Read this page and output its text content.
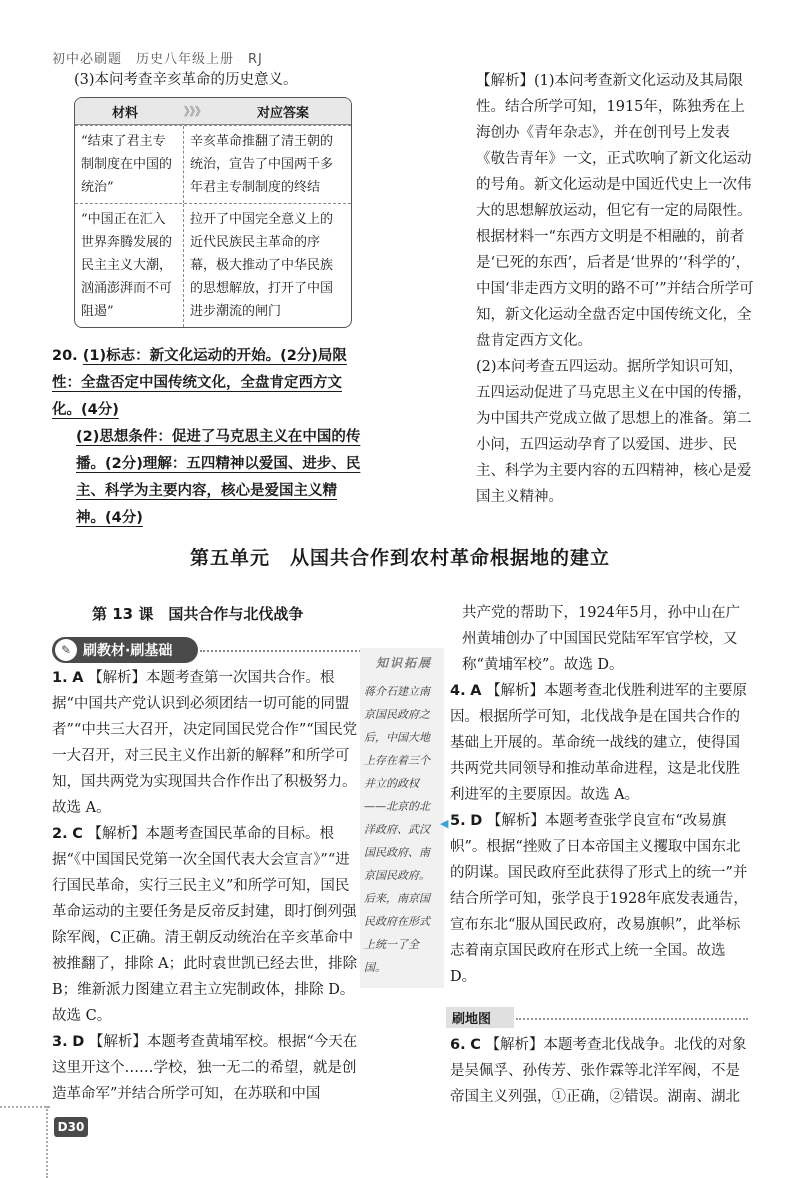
初中必刷题　历史八年级上册　RJ

(3)本问考查辛亥革命的历史意义。

材料	》》》	对应答案
“结束了君主专制制度在中国的统治”
辛亥革命推翻了清王朝的统治，宣告了中国两千多年君主专制制度的终结
“中国正在汇入世界奔腾发展的民主主义大潮，汹涌澎湃而不可阻遏”
拉开了中国完全意义上的近代民族民主革命的序幕，极大推动了中华民族的思想解放，打开了中国进步潮流的闸门

20. (1)标志：新文化运动的开始。(2分)局限性：全盘否定中国传统文化，全盘肯定西方文化。(4分)

(2)思想条件：促进了马克思主义在中国的传播。(2分)理解：五四精神以爱国、进步、民主、科学为主要内容，核心是爱国主义精神。(4分)

【解析】(1)本问考查新文化运动及其局限性。结合所学可知，1915年，陈独秀在上海创办《青年杂志》，并在创刊号上发表《敬告青年》一文，正式吹响了新文化运动的号角。新文化运动是中国近代史上一次伟大的思想解放运动，但它有一定的局限性。根据材料一“东西方文明是不相融的，前者是‘已死的东西’，后者是‘世界的’‘科学的’，中国‘非走西方文明的路不可’”并结合所学可知，新文化运动全盘否定中国传统文化，全盘肯定西方文化。

(2)本问考查五四运动。据所学知识可知，五四运动促进了马克思主义在中国的传播，为中国共产党成立做了思想上的准备。第二小问，五四运动孕育了以爱国、进步、民主、科学为主要内容的五四精神，核心是爱国主义精神。

第五单元　从国共合作到农村革命根据地的建立
第 13 课　国共合作与北伐战争
✎ 刷教材·刷基础

1. A 【解析】本题考查第一次国共合作。根据“中国共产党认识到必须团结一切可能的同盟者”“中共三大召开，决定同国民党合作”“国民党一大召开，对三民主义作出新的解释”和所学可知，国共两党为实现国共合作作出了积极努力。故选 A。

2. C 【解析】本题考查国民革命的目标。根据“《中国国民党第一次全国代表大会宣言》”“进行国民革命，实行三民主义”和所学可知，国民革命运动的主要任务是反帝反封建，即打倒列强除军阀，C正确。清王朝反动统治在辛亥革命中被推翻了，排除 A；此时袁世凯已经去世，排除 B；维新派力图建立君主立宪制政体，排除 D。故选 C。

3. D 【解析】本题考查黄埔军校。根据“今天在这里开这个……学校，独一无二的希望，就是创造革命军”并结合所学可知，在苏联和中国

知识拓展
蒋介石建立南京国民政府之后，中国大地上存在着三个并立的政权——北京的北洋政府、武汉国民政府、南京国民政府。后来，南京国民政府在形式上统一了全国。
◀

共产党的帮助下，1924年5月，孙中山在广州黄埔创办了中国国民党陆军军官学校，又称“黄埔军校”。故选 D。

4. A 【解析】本题考查北伐胜利进军的主要原因。根据所学可知，北伐战争是在国共合作的基础上开展的。革命统一战线的建立，使得国共两党共同领导和推动革命进程，这是北伐胜利进军的主要原因。故选 A。

5. D 【解析】本题考查张学良宣布“改易旗帜”。根据“挫败了日本帝国主义攫取中国东北的阴谋。国民政府至此获得了形式上的统一”并结合所学可知，张学良于1928年底发表通告，宣布东北“服从国民政府，改易旗帜”，此举标志着南京国民政府在形式上统一全国。故选 D。

刷地图

6. C 【解析】本题考查北伐战争。北伐的对象是吴佩孚、孙传芳、张作霖等北洋军阀，不是帝国主义列强，①正确，②错误。湖南、湖北

D30
